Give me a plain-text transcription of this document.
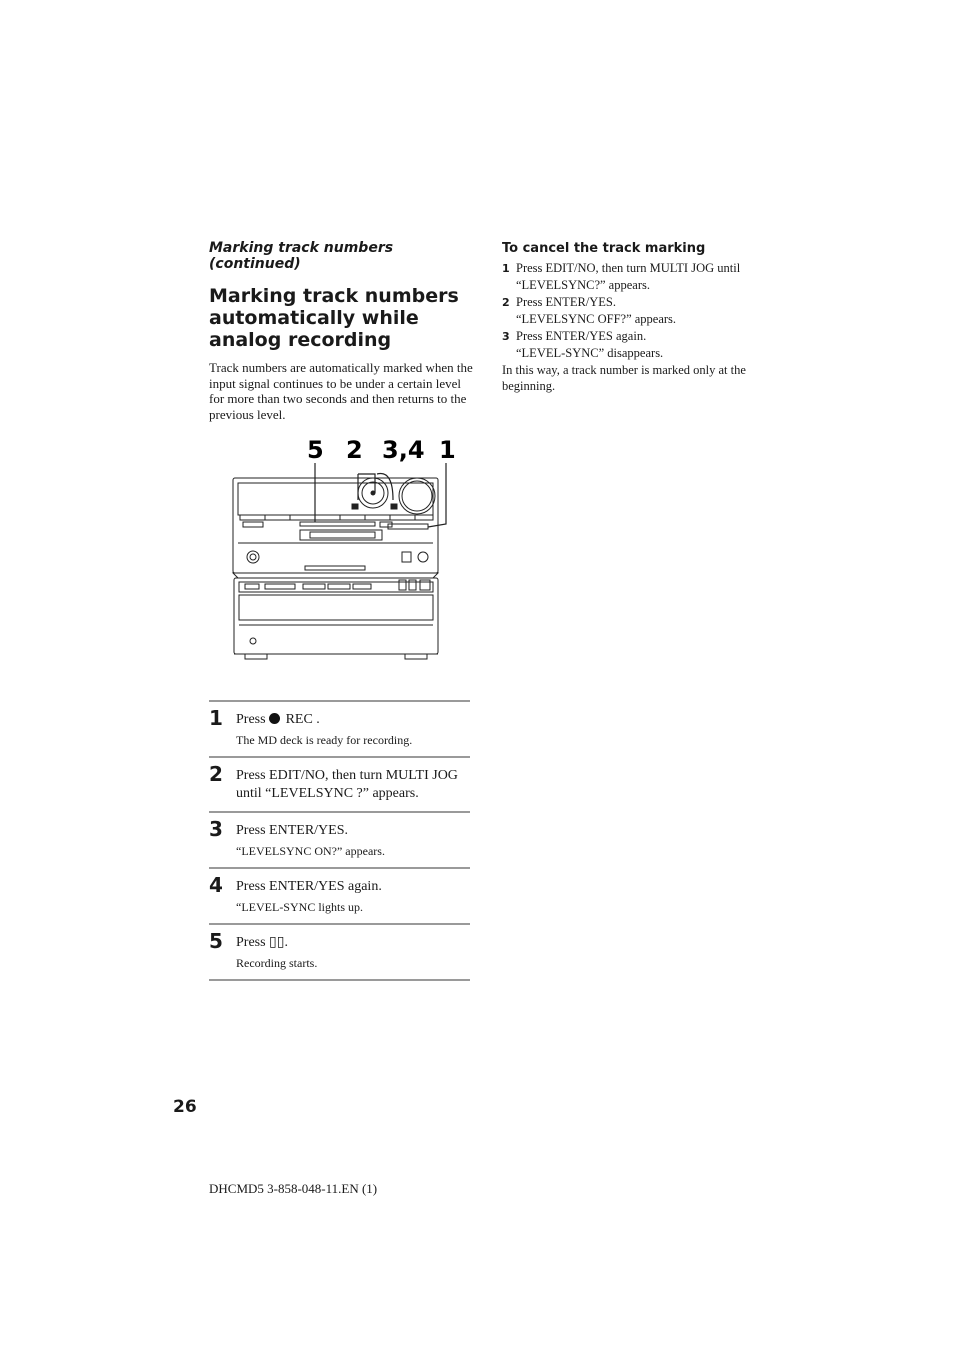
Marking track numbers (continued)
Marking track numbers automatically while analog recording
Track numbers are automatically marked when the input signal continues to be under a certain level for more than two seconds and then returns to the previous level.
5 2 3,4 1
1 Press REC .
The MD deck is ready for recording.
2 Press EDIT/NO, then turn MULTI JOG until “LEVELSYNC ?” appears.
3 Press ENTER/YES.
“LEVELSYNC ON?” appears.
4 Press ENTER/YES again.
“LEVEL-SYNC lights up.
5 Press ▯▯.
Recording starts.
To cancel the track marking
1 Press EDIT/NO, then turn MULTI JOG until “LEVELSYNC?” appears.
2 Press ENTER/YES.
“LEVELSYNC OFF?” appears.
3 Press ENTER/YES again.
“LEVEL-SYNC” disappears.
In this way, a track number is marked only at the beginning.
26
DHCMD5 3-858-048-11.EN (1)
